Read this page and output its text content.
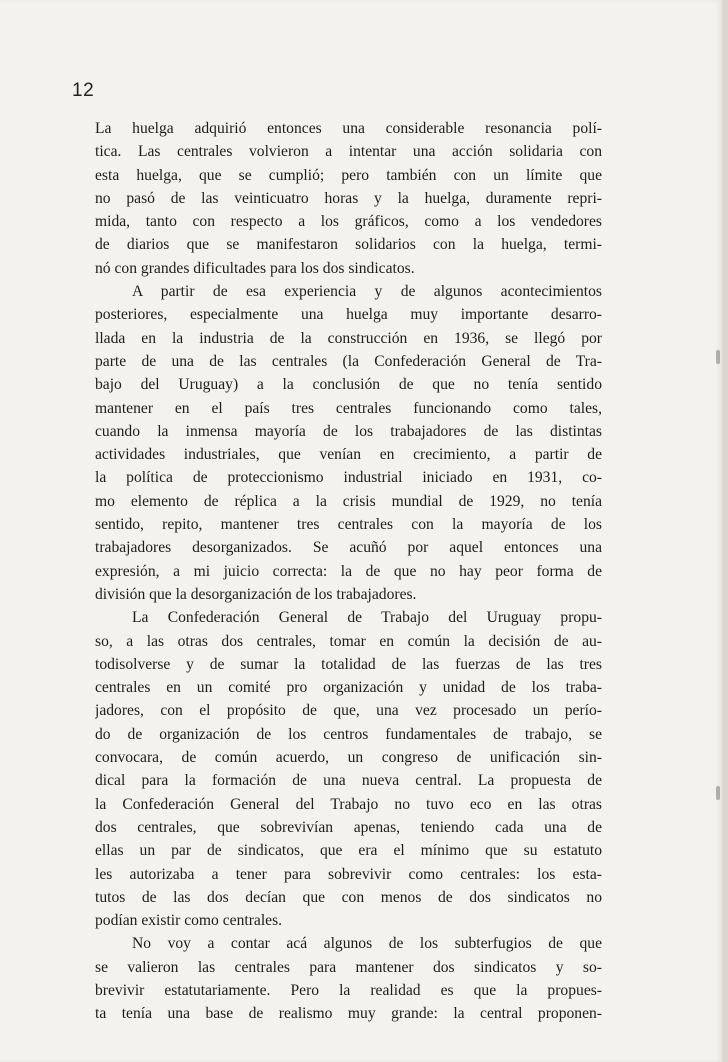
12
La huelga adquirió entonces una considerable resonancia polí-
tica. Las centrales volvieron a intentar una acción solidaria con
esta huelga, que se cumplió; pero también con un límite que
no pasó de las veinticuatro horas y la huelga, duramente repri-
mida, tanto con respecto a los gráficos, como a los vendedores
de diarios que se manifestaron solidarios con la huelga, termi-
nó con grandes dificultades para los dos sindicatos.
A partir de esa experiencia y de algunos acontecimientos
posteriores, especialmente una huelga muy importante desarro-
llada en la industria de la construcción en 1936, se llegó por
parte de una de las centrales (la Confederación General de Tra-
bajo del Uruguay) a la conclusión de que no tenía sentido
mantener en el país tres centrales funcionando como tales,
cuando la inmensa mayoría de los trabajadores de las distintas
actividades industriales, que venían en crecimiento, a partir de
la política de proteccionismo industrial iniciado en 1931, co-
mo elemento de réplica a la crisis mundial de 1929, no tenía
sentido, repito, mantener tres centrales con la mayoría de los
trabajadores desorganizados. Se acuñó por aquel entonces una
expresión, a mi juicio correcta: la de que no hay peor forma de
división que la desorganización de los trabajadores.
La Confederación General de Trabajo del Uruguay propu-
so, a las otras dos centrales, tomar en común la decisión de au-
todisolverse y de sumar la totalidad de las fuerzas de las tres
centrales en un comité pro organización y unidad de los traba-
jadores, con el propósito de que, una vez procesado un perío-
do de organización de los centros fundamentales de trabajo, se
convocara, de común acuerdo, un congreso de unificación sin-
dical para la formación de una nueva central. La propuesta de
la Confederación General del Trabajo no tuvo eco en las otras
dos centrales, que sobrevivían apenas, teniendo cada una de
ellas un par de sindicatos, que era el mínimo que su estatuto
les autorizaba a tener para sobrevivir como centrales: los esta-
tutos de las dos decían que con menos de dos sindicatos no
podían existir como centrales.
No voy a contar acá algunos de los subterfugios de que
se valieron las centrales para mantener dos sindicatos y so-
brevivir estatutariamente. Pero la realidad es que la propues-
ta tenía una base de realismo muy grande: la central proponen-
